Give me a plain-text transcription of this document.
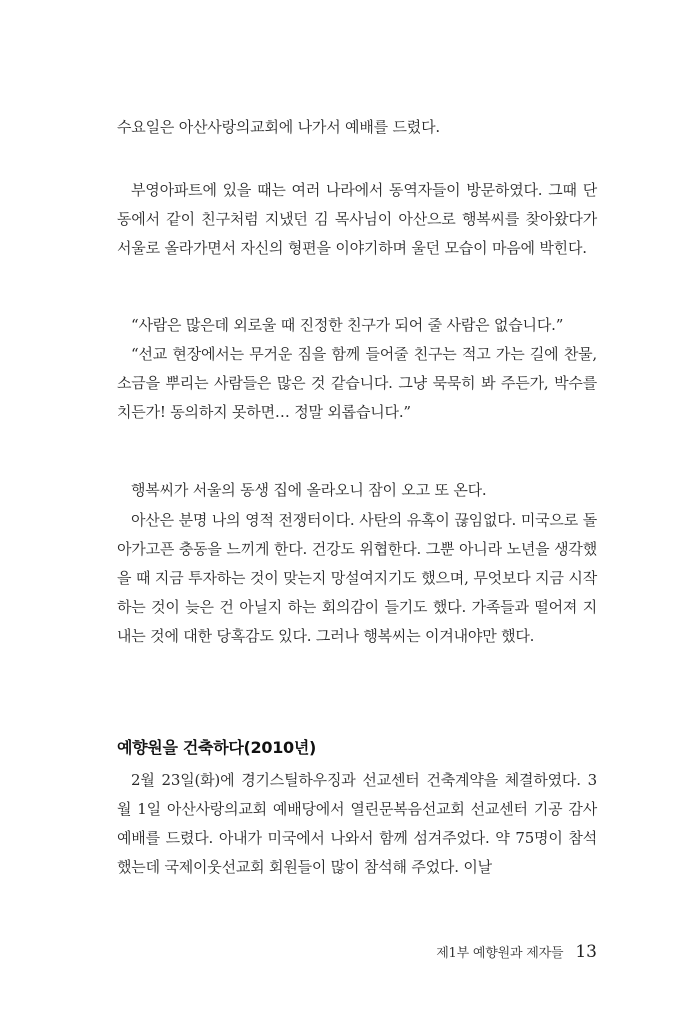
수요일은 아산사랑의교회에 나가서 예배를 드렸다.

부영아파트에 있을 때는 여러 나라에서 동역자들이 방문하였다. 그때 단동에서 같이 친구처럼 지냈던 김 목사님이 아산으로 행복씨를 찾아왔다가 서울로 올라가면서 자신의 형편을 이야기하며 울던 모습이 마음에 박힌다.

“사람은 많은데 외로울 때 진정한 친구가 되어 줄 사람은 없습니다.”

“선교 현장에서는 무거운 짐을 함께 들어줄 친구는 적고 가는 길에 찬물, 소금을 뿌리는 사람들은 많은 것 같습니다. 그냥 묵묵히 봐 주든가, 박수를 치든가! 동의하지 못하면… 정말 외롭습니다.”

행복씨가 서울의 동생 집에 올라오니 잠이 오고 또 온다.

아산은 분명 나의 영적 전쟁터이다. 사탄의 유혹이 끊임없다. 미국으로 돌아가고픈 충동을 느끼게 한다. 건강도 위협한다. 그뿐 아니라 노년을 생각했을 때 지금 투자하는 것이 맞는지 망설여지기도 했으며, 무엇보다 지금 시작하는 것이 늦은 건 아닐지 하는 회의감이 들기도 했다. 가족들과 떨어져 지내는 것에 대한 당혹감도 있다. 그러나 행복씨는 이겨내야만 했다.

예향원을 건축하다(2010년)

2월 23일(화)에 경기스틸하우징과 선교센터 건축계약을 체결하였다. 3월 1일 아산사랑의교회 예배당에서 열린문복음선교회 선교센터 기공 감사 예배를 드렸다. 아내가 미국에서 나와서 함께 섬겨주었다. 약 75명이 참석했는데 국제이웃선교회 회원들이 많이 참석해 주었다. 이날

제1부 예향원과 제자들 13
